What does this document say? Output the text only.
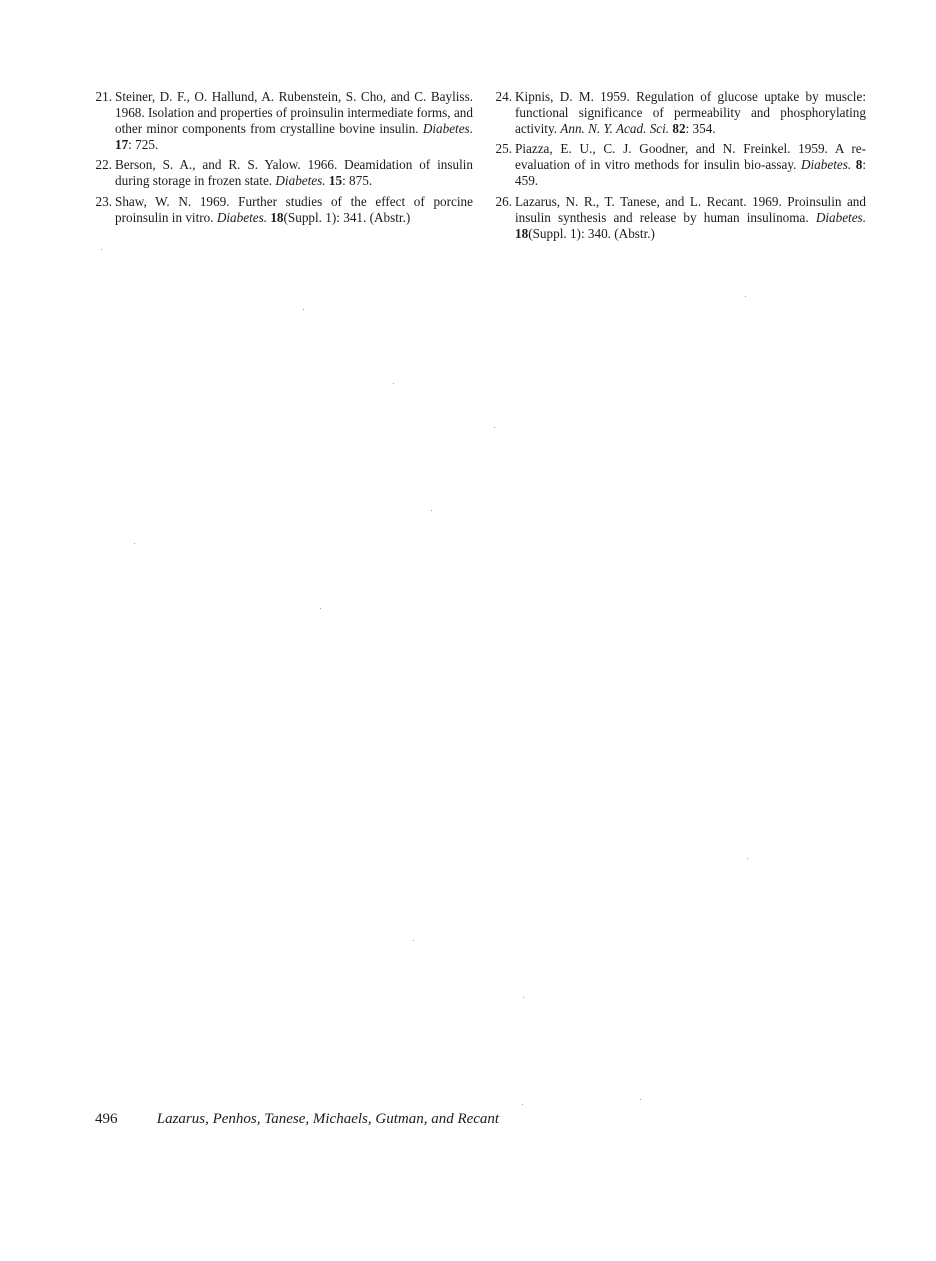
21. Steiner, D. F., O. Hallund, A. Rubenstein, S. Cho, and C. Bayliss. 1968. Isolation and properties of proinsulin intermediate forms, and other minor components from crystalline bovine insulin. Diabetes. 17: 725.
22. Berson, S. A., and R. S. Yalow. 1966. Deamidation of insulin during storage in frozen state. Diabetes. 15: 875.
23. Shaw, W. N. 1969. Further studies of the effect of porcine proinsulin in vitro. Diabetes. 18(Suppl. 1): 341. (Abstr.)
24. Kipnis, D. M. 1959. Regulation of glucose uptake by muscle: functional significance of permeability and phosphorylating activity. Ann. N. Y. Acad. Sci. 82: 354.
25. Piazza, E. U., C. J. Goodner, and N. Freinkel. 1959. A re-evaluation of in vitro methods for insulin bio-assay. Diabetes. 8: 459.
26. Lazarus, N. R., T. Tanese, and L. Recant. 1969. Proinsulin and insulin synthesis and release by human insulinoma. Diabetes. 18(Suppl. 1): 340. (Abstr.)
496	Lazarus, Penhos, Tanese, Michaels, Gutman, and Recant
